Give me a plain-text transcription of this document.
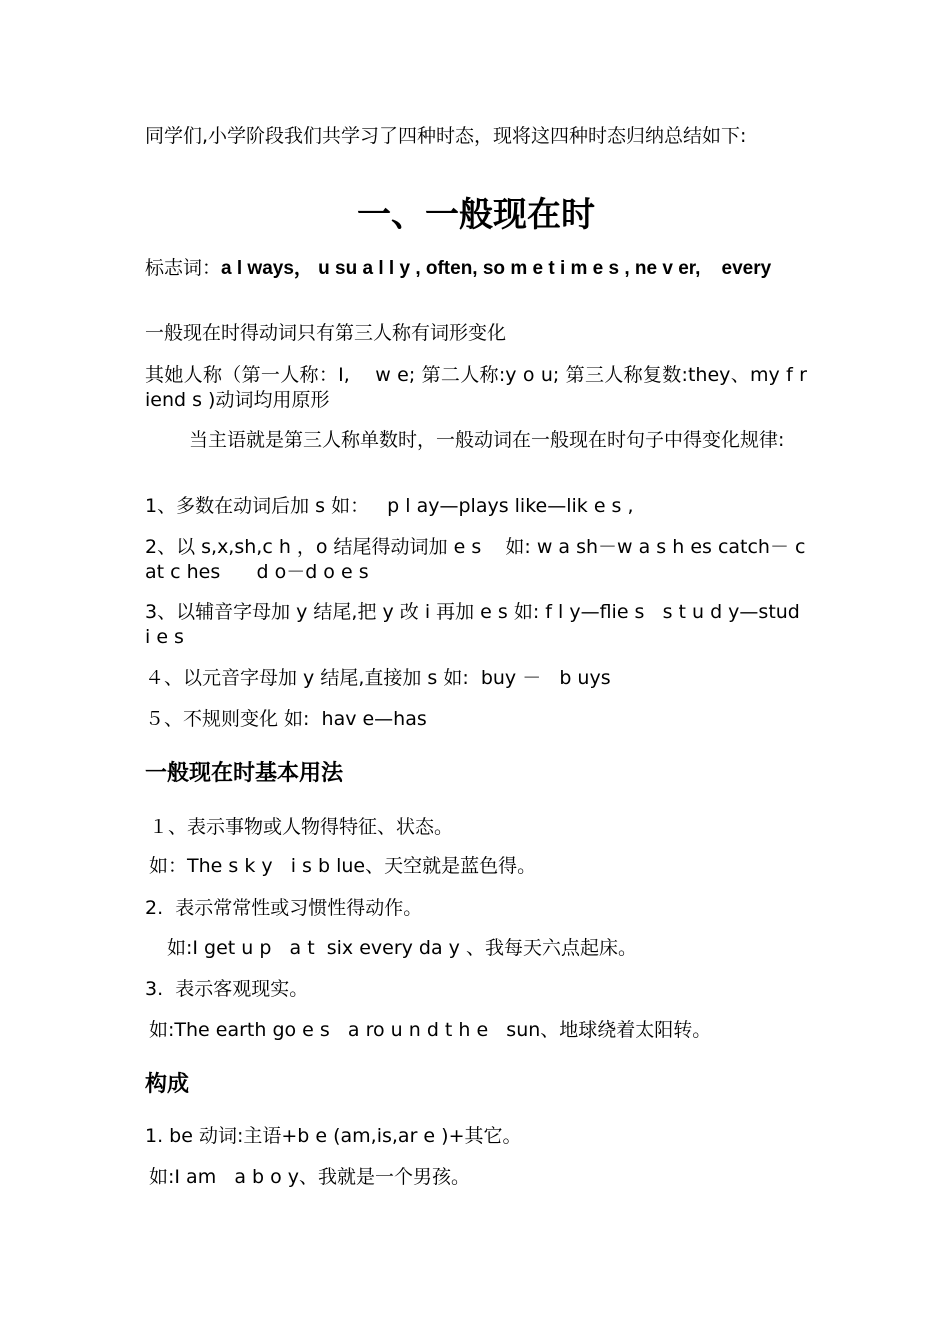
同学们,小学阶段我们共学习了四种时态，现将这四种时态归纳总结如下:
一、一般现在时
标志词：a l ways， u su a l l y , often, so m e t i m e s , ne v er,    every
一般现在时得动词只有第三人称有词形变化
其她人称（第一人称：I,    w e; 第二人称:y o u; 第三人称复数:they、my f r iend s )动词均用原形
当主语就是第三人称单数时，一般动词在一般现在时句子中得变化规律:
1、多数在动词后加 s 如：   p l ay—plays like—lik e s ,
2、以 s,x,sh,c h ，o 结尾得动词加 e s    如: w a sh－w a s h es catch－ c at c hes      d o－d o e s
3、以辅音字母加 y 结尾,把 y 改 i 再加 e s 如: f l y—flie s   s t u d y—stud i e s
４、以元音字母加 y 结尾,直接加 s 如:  buy －   b uys
５、不规则变化 如:  hav e—has
一般现在时基本用法
１、表示事物或人物得特征、状态。
如：The s k y   i s b lue、天空就是蓝色得。
2.  表示常常性或习惯性得动作。
如:I get u p   a t  six every da y 、我每天六点起床。
3.  表示客观现实。
如:The earth go e s   a ro u n d t h e   sun、地球绕着太阳转。
构成
1. be 动词:主语+b e (am,is,ar e )+其它。
如:I am   a b o y、我就是一个男孩。
